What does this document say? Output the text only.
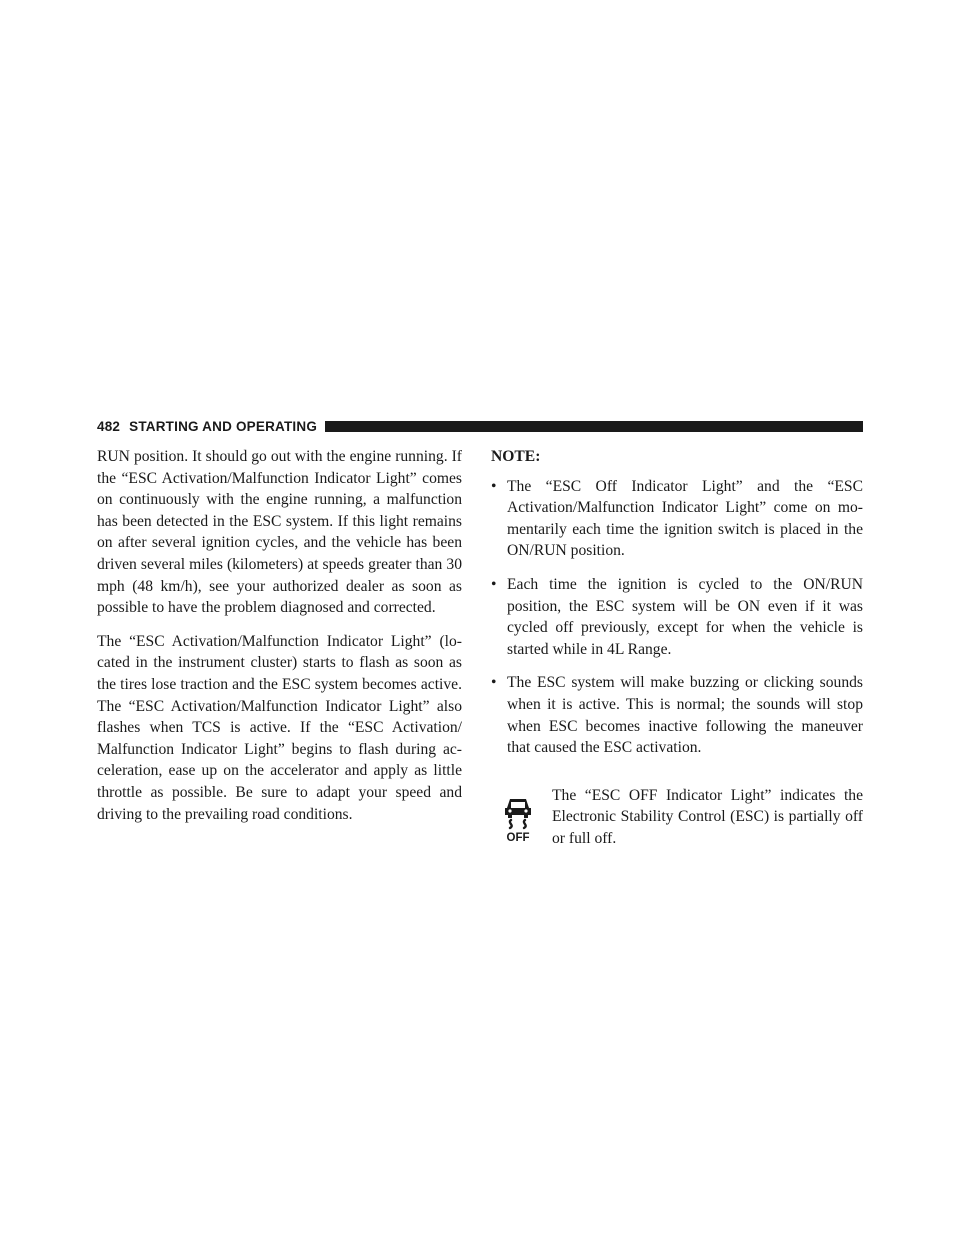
482 STARTING AND OPERATING

RUN position. It should go out with the engine running. If the “ESC Activation/Malfunction Indicator Light” comes on continuously with the engine running, a malfunction has been detected in the ESC system. If this light remains on after several ignition cycles, and the vehicle has been driven several miles (kilometers) at speeds greater than 30 mph (48 km/h), see your authorized dealer as soon as possible to have the problem diagnosed and corrected.

The “ESC Activation/Malfunction Indicator Light” (located in the instrument cluster) starts to flash as soon as the tires lose traction and the ESC system becomes active. The “ESC Activation/Malfunction Indicator Light” also flashes when TCS is active. If the “ESC Activation/ Malfunction Indicator Light” begins to flash during acceleration, ease up on the accelerator and apply as little throttle as possible. Be sure to adapt your speed and driving to the prevailing road conditions.

NOTE:

• The “ESC Off Indicator Light” and the “ESC Activation/Malfunction Indicator Light” come on momentarily each time the ignition switch is placed in the ON/RUN position.
• Each time the ignition is cycled to the ON/RUN position, the ESC system will be ON even if it was cycled off previously, except for when the vehicle is started while in 4L Range.
• The ESC system will make buzzing or clicking sounds when it is active. This is normal; the sounds will stop when ESC becomes inactive following the maneuver that caused the ESC activation.
OFF

The “ESC OFF Indicator Light” indicates the Electronic Stability Control (ESC) is partially off or full off.
